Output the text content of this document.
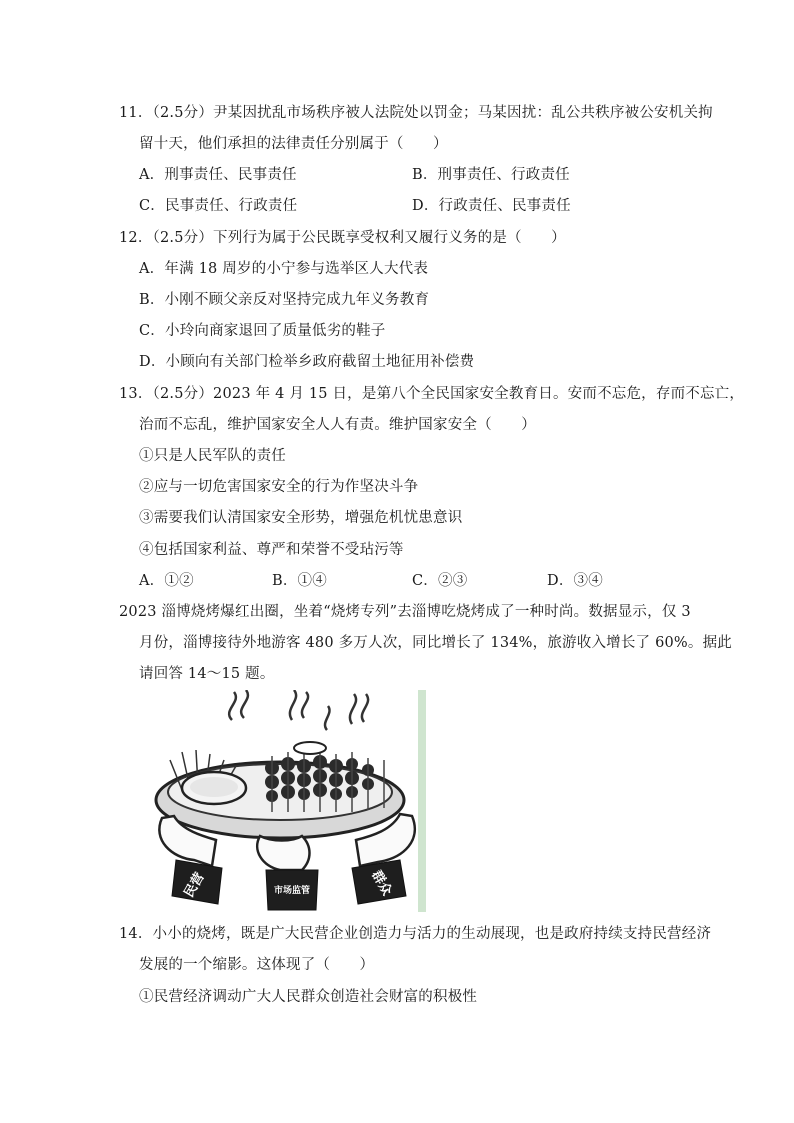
11．（2.5分）尹某因扰乱市场秩序被人法院处以罚金；马某因扰：乱公共秩序被公安机关拘
留十天，他们承担的法律责任分别属于（　　）
A．刑事责任、民事责任	B．刑事责任、行政责任
C．民事责任、行政责任	D．行政责任、民事责任
12．（2.5分）下列行为属于公民既享受权利又履行义务的是（　　）
A．年满 18 周岁的小宁参与选举区人大代表
B．小刚不顾父亲反对坚持完成九年义务教育
C．小玲向商家退回了质量低劣的鞋子
D．小顾向有关部门检举乡政府截留土地征用补偿费
13．（2.5分）2023 年 4 月 15 日，是第八个全民国家安全教育日。安而不忘危，存而不忘亡，
治而不忘乱，维护国家安全人人有责。维护国家安全（　　）
①只是人民军队的责任
②应与一切危害国家安全的行为作坚决斗争
③需要我们认清国家安全形势，增强危机忧患意识
④包括国家利益、尊严和荣誉不受玷污等
A．①②	B．①④	C．②③	D．③④
2023 淄博烧烤爆红出圈，坐着“烧烤专列”去淄博吃烧烤成了一种时尚。数据显示，仅 3
月份，淄博接待外地游客 480 多万人次，同比增长了 134%，旅游收入增长了 60%。据此
请回答 14～15 题。
民营	市场监管	群众
14．小小的烧烤，既是广大民营企业创造力与活力的生动展现，也是政府持续支持民营经济
发展的一个缩影。这体现了（　　）
①民营经济调动广大人民群众创造社会财富的积极性
